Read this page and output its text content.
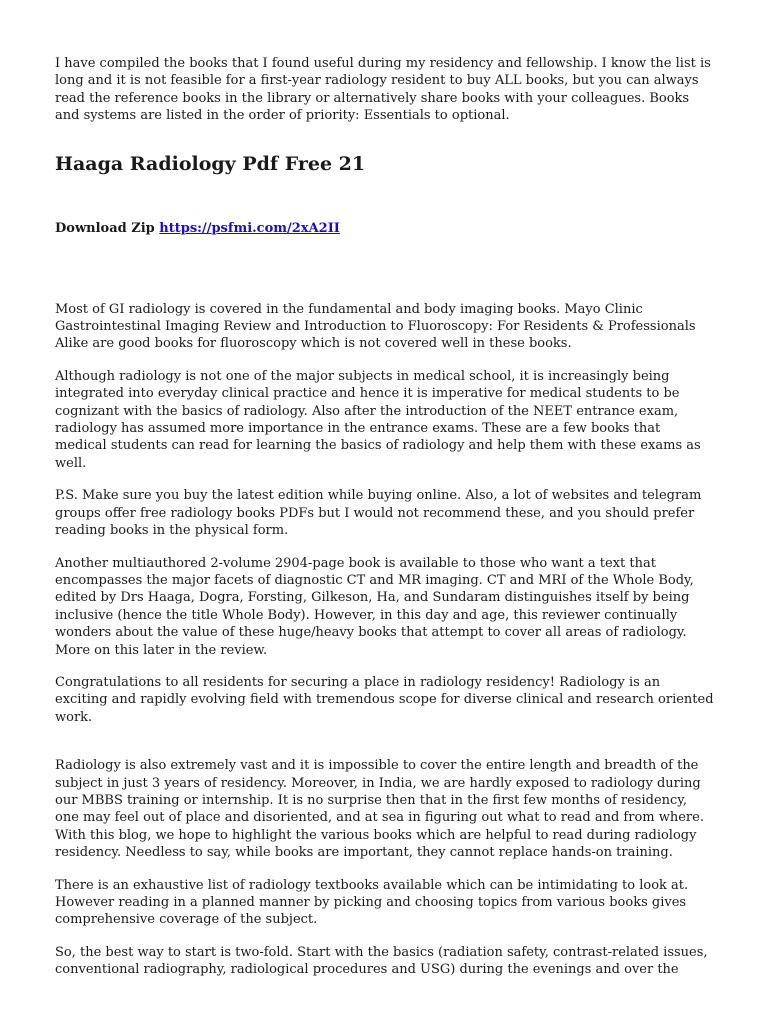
I have compiled the books that I found useful during my residency and fellowship. I know the list is long and it is not feasible for a first-year radiology resident to buy ALL books, but you can always read the reference books in the library or alternatively share books with your colleagues. Books and systems are listed in the order of priority: Essentials to optional.

Haaga Radiology Pdf Free 21
Download Zip https://psfmi.com/2xA2II

Most of GI radiology is covered in the fundamental and body imaging books. Mayo Clinic Gastrointestinal Imaging Review and Introduction to Fluoroscopy: For Residents & Professionals Alike are good books for fluoroscopy which is not covered well in these books.

Although radiology is not one of the major subjects in medical school, it is increasingly being integrated into everyday clinical practice and hence it is imperative for medical students to be cognizant with the basics of radiology. Also after the introduction of the NEET entrance exam, radiology has assumed more importance in the entrance exams. These are a few books that medical students can read for learning the basics of radiology and help them with these exams as well.

P.S. Make sure you buy the latest edition while buying online. Also, a lot of websites and telegram groups offer free radiology books PDFs but I would not recommend these, and you should prefer reading books in the physical form.

Another multiauthored 2-volume 2904-page book is available to those who want a text that encompasses the major facets of diagnostic CT and MR imaging. CT and MRI of the Whole Body, edited by Drs Haaga, Dogra, Forsting, Gilkeson, Ha, and Sundaram distinguishes itself by being inclusive (hence the title Whole Body). However, in this day and age, this reviewer continually wonders about the value of these huge/heavy books that attempt to cover all areas of radiology. More on this later in the review.

Congratulations to all residents for securing a place in radiology residency! Radiology is an exciting and rapidly evolving field with tremendous scope for diverse clinical and research oriented work.

Radiology is also extremely vast and it is impossible to cover the entire length and breadth of the subject in just 3 years of residency. Moreover, in India, we are hardly exposed to radiology during our MBBS training or internship. It is no surprise then that in the first few months of residency, one may feel out of place and disoriented, and at sea in figuring out what to read and from where. With this blog, we hope to highlight the various books which are helpful to read during radiology residency. Needless to say, while books are important, they cannot replace hands-on training.

There is an exhaustive list of radiology textbooks available which can be intimidating to look at. However reading in a planned manner by picking and choosing topics from various books gives comprehensive coverage of the subject.

So, the best way to start is two-fold. Start with the basics (radiation safety, contrast-related issues, conventional radiography, radiological procedures and USG) during the evenings and over the
